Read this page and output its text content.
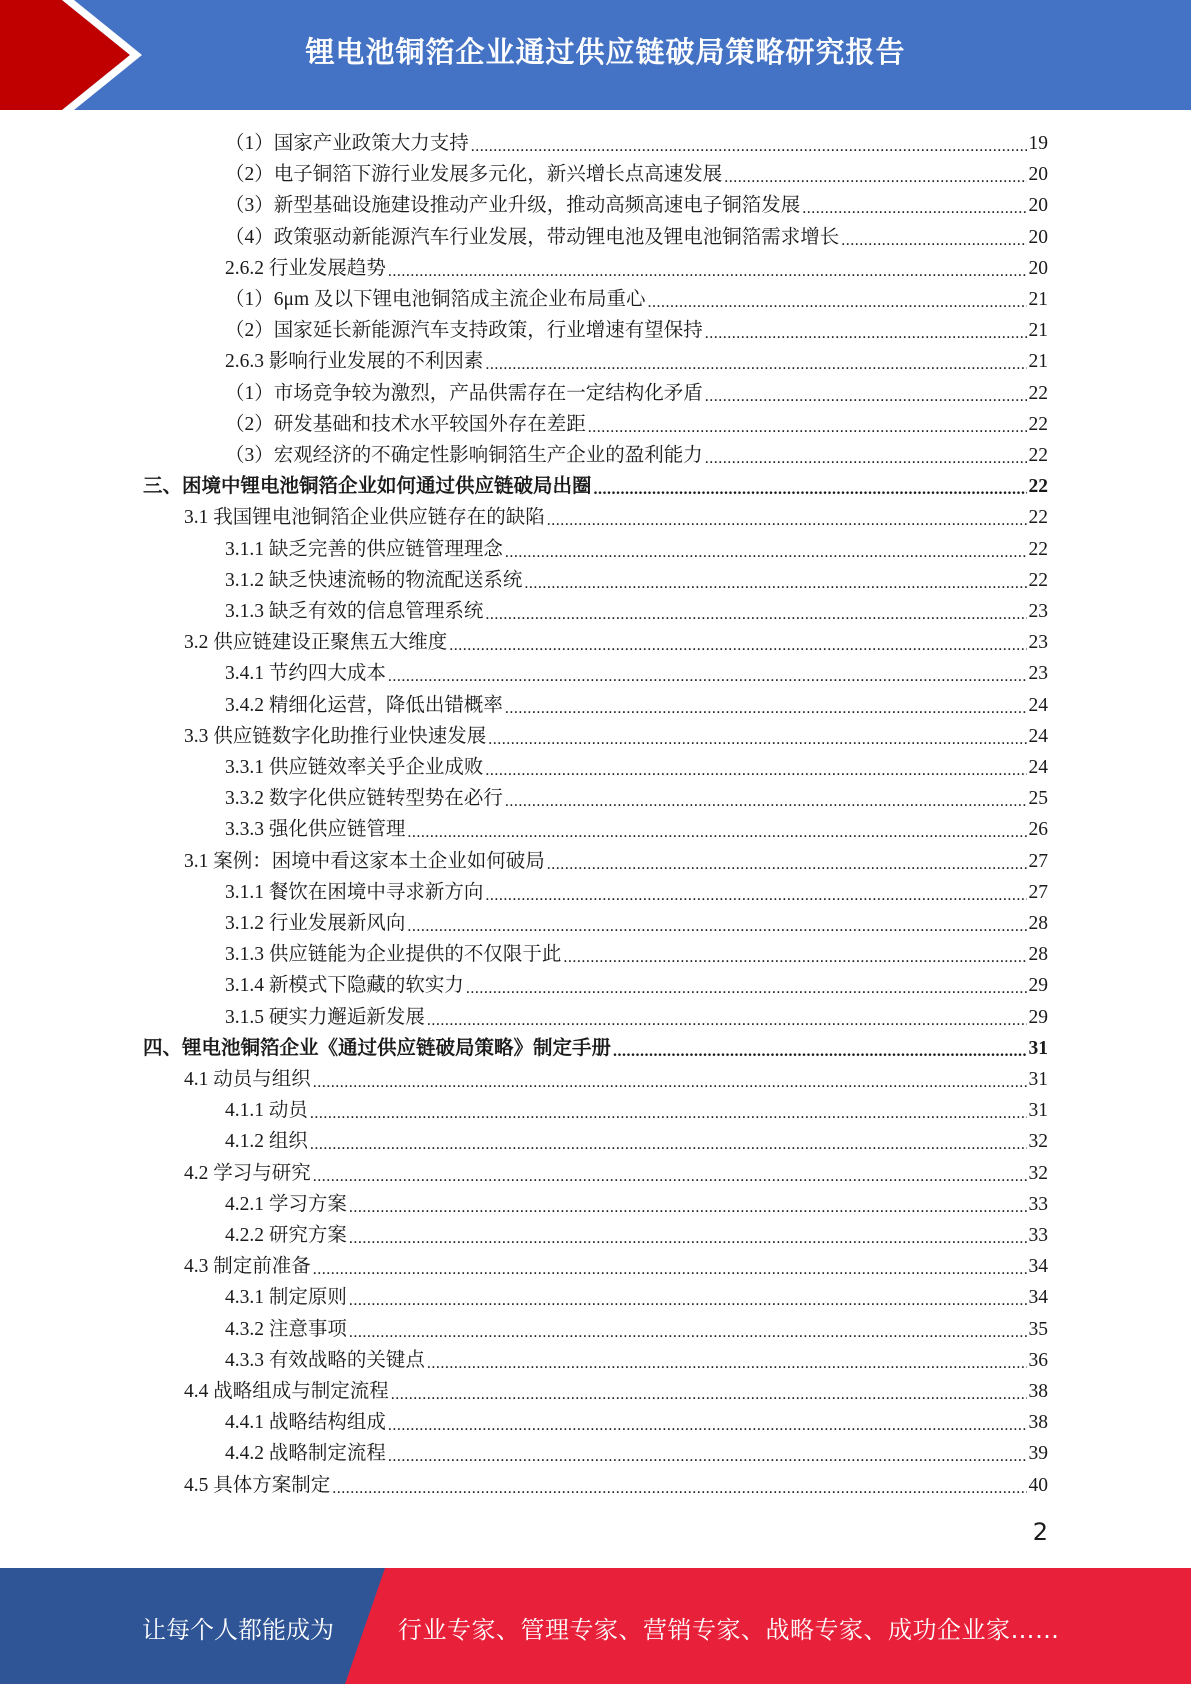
锂电池铜箔企业通过供应链破局策略研究报告
（1）国家产业政策大力支持 .....	19
（2）电子铜箔下游行业发展多元化，新兴增长点高速发展 .....	20
（3）新型基础设施建设推动产业升级，推动高频高速电子铜箔发展 .....	20
（4）政策驱动新能源汽车行业发展，带动锂电池及锂电池铜箔需求增长 .....	20
2.6.2 行业发展趋势 .....	20
（1）6μm 及以下锂电池铜箔成主流企业布局重心 .....	21
（2）国家延长新能源汽车支持政策，行业增速有望保持 .....	21
2.6.3 影响行业发展的不利因素 .....	21
（1）市场竞争较为激烈，产品供需存在一定结构化矛盾 .....	22
（2）研发基础和技术水平较国外存在差距 .....	22
（3）宏观经济的不确定性影响铜箔生产企业的盈利能力 .....	22
三、困境中锂电池铜箔企业如何通过供应链破局出圈 .....	22
3.1 我国锂电池铜箔企业供应链存在的缺陷 .....	22
3.1.1 缺乏完善的供应链管理理念 .....	22
3.1.2 缺乏快速流畅的物流配送系统 .....	22
3.1.3 缺乏有效的信息管理系统 .....	23
3.2 供应链建设正聚焦五大维度 .....	23
3.4.1 节约四大成本 .....	23
3.4.2 精细化运营，降低出错概率 .....	24
3.3 供应链数字化助推行业快速发展 .....	24
3.3.1 供应链效率关乎企业成败 .....	24
3.3.2 数字化供应链转型势在必行 .....	25
3.3.3 强化供应链管理 .....	26
3.1 案例：困境中看这家本土企业如何破局 .....	27
3.1.1 餐饮在困境中寻求新方向 .....	27
3.1.2 行业发展新风向 .....	28
3.1.3 供应链能为企业提供的不仅限于此 .....	28
3.1.4 新模式下隐藏的软实力 .....	29
3.1.5 硬实力邂逅新发展 .....	29
四、锂电池铜箔企业《通过供应链破局策略》制定手册 .....	31
4.1 动员与组织 .....	31
4.1.1 动员 .....	31
4.1.2 组织 .....	32
4.2 学习与研究 .....	32
4.2.1 学习方案 .....	33
4.2.2 研究方案 .....	33
4.3 制定前准备 .....	34
4.3.1 制定原则 .....	34
4.3.2 注意事项 .....	35
4.3.3 有效战略的关键点 .....	36
4.4 战略组成与制定流程 .....	38
4.4.1 战略结构组成 .....	38
4.4.2 战略制定流程 .....	39
4.5 具体方案制定 .....	40
2
让每个人都能成为	行业专家、管理专家、营销专家、战略专家、成功企业家……
